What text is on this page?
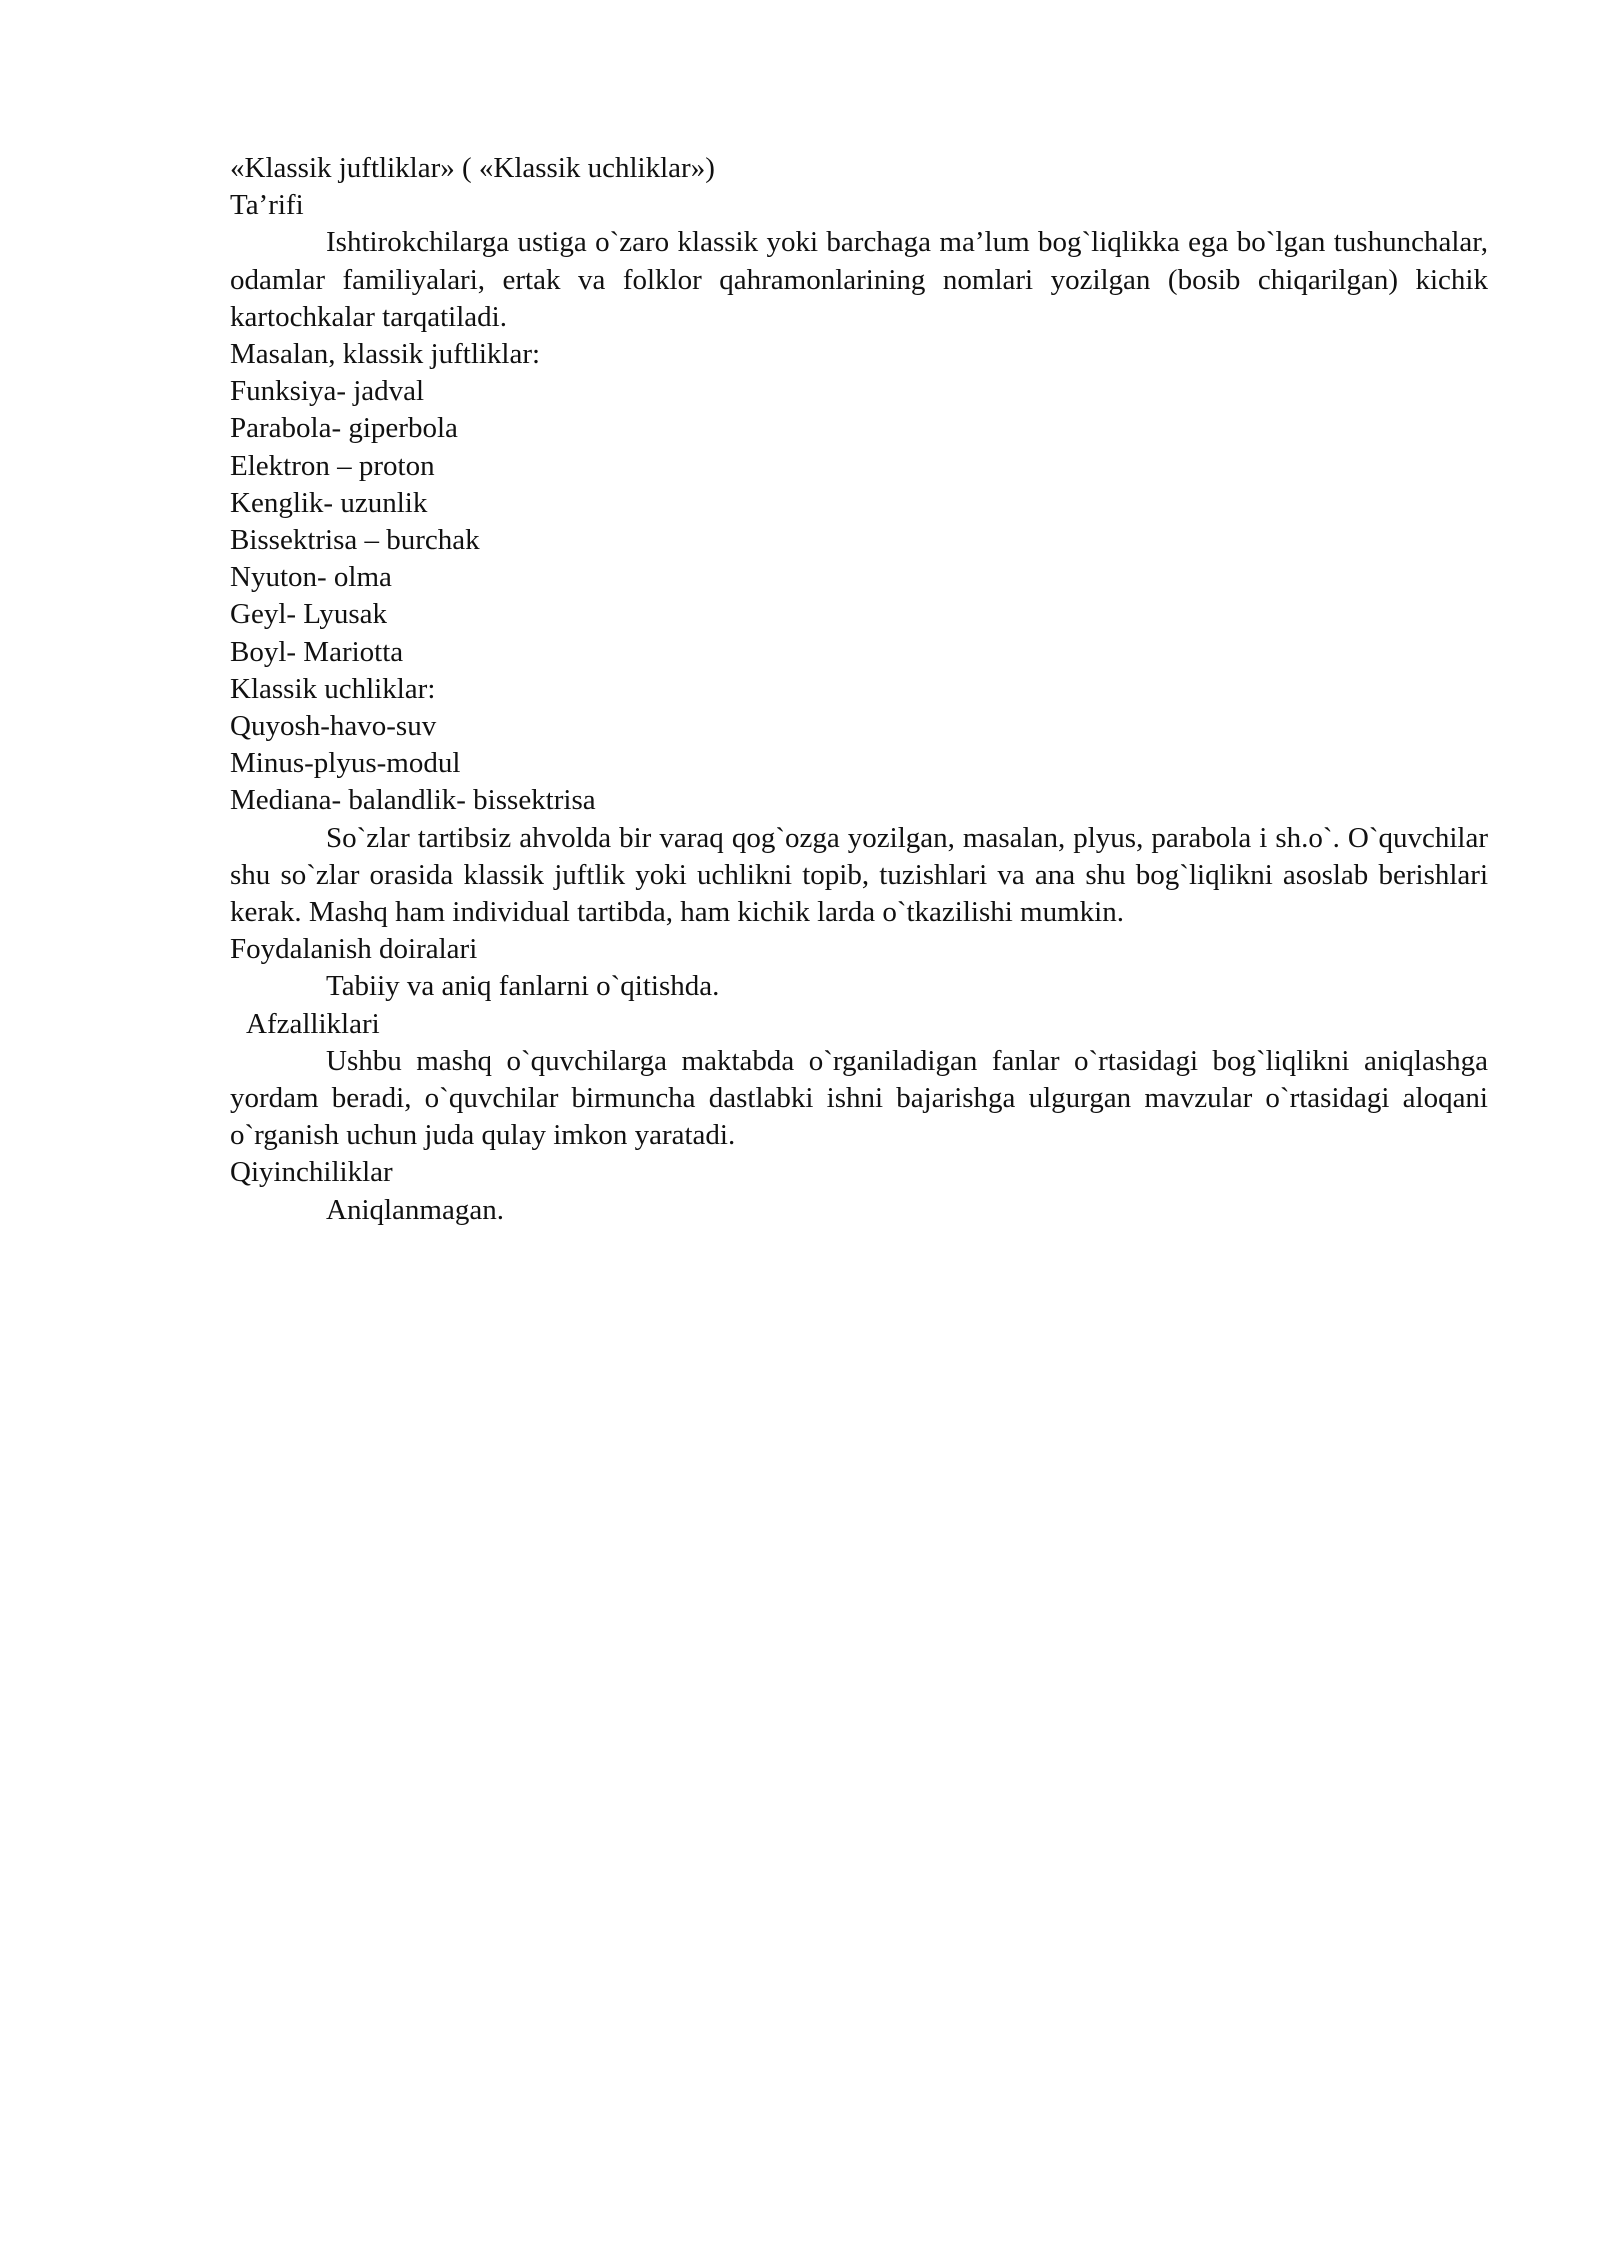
«Klassik juftliklar» ( «Klassik uchliklar»)

Ta’rifi

Ishtirokchilarga ustiga o`zaro klassik yoki barchaga ma’lum bog`liqlikka ega bo`lgan tushunchalar, odamlar familiyalari, ertak va folklor qahramonlarining nomlari yozilgan (bosib chiqarilgan) kichik kartochkalar tarqatiladi.

Masalan, klassik juftliklar:

Funksiya- jadval

Parabola- giperbola

Elektron – proton

Kenglik- uzunlik

Bissektrisa – burchak

Nyuton- olma

Geyl- Lyusak

Boyl- Mariotta

Klassik uchliklar:

Quyosh-havo-suv

Minus-plyus-modul

Mediana- balandlik- bissektrisa

So`zlar tartibsiz ahvolda bir varaq qog`ozga yozilgan, masalan, plyus, parabola i sh.o`. O`quvchilar shu so`zlar orasida klassik juftlik yoki uchlikni topib, tuzishlari va ana shu bog`liqlikni asoslab berishlari kerak. Mashq ham individual tartibda, ham kichik larda o`tkazilishi mumkin.

Foydalanish doiralari

Tabiiy va aniq fanlarni o`qitishda.

Afzalliklari

Ushbu mashq o`quvchilarga maktabda o`rganiladigan fanlar o`rtasidagi bog`liqlikni aniqlashga yordam beradi, o`quvchilar birmuncha dastlabki ishni bajarishga ulgurgan mavzular o`rtasidagi aloqani o`rganish uchun juda qulay imkon yaratadi.

Qiyinchiliklar

Aniqlanmagan.
